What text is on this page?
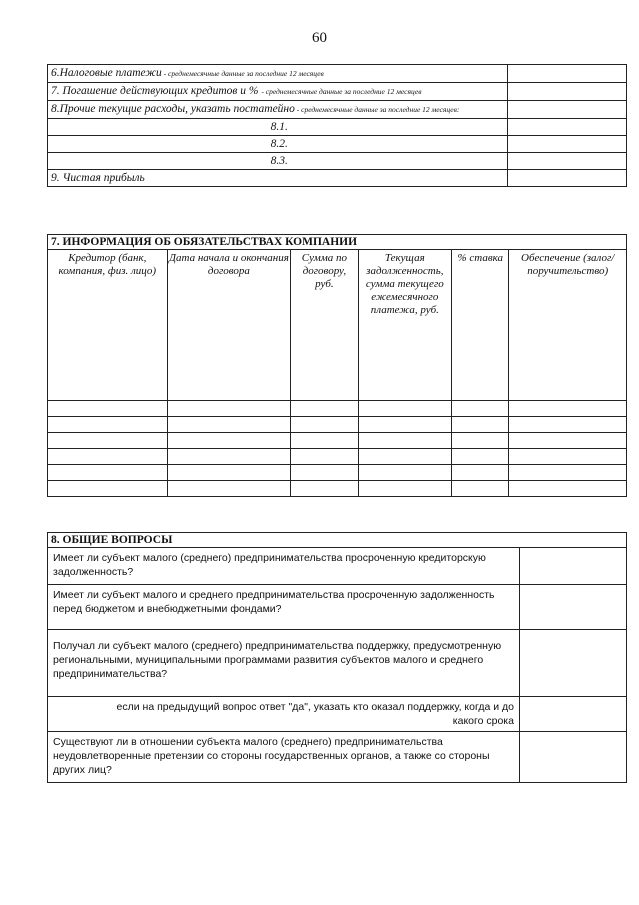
60
6.Налоговые платежи - среднемесячные данные за последние 12 месяцев	
7. Погашение действующих кредитов и % - среднемесячные данные за последние 12 месяцев	
8.Прочие текущие расходы, указать постатейно - среднемесячные данные за последние 12 месяцев:	
8.1.	
8.2.	
8.3.	
9. Чистая прибыль	
7. ИНФОРМАЦИЯ ОБ ОБЯЗАТЕЛЬСТВАХ КОМПАНИИ					
Кредитор (банк, компания, физ. лицо)	Дата начала и окончания договора	Сумма по договору, руб.	Текущая задолженность, сумма текущего ежемесячного платежа, руб.	% ставка	Обеспечение (залог/поручительство)

8. ОБЩИЕ ВОПРОСЫ	
Имеет ли субъект малого (среднего) предпринимательства просроченную кредиторскую задолженность?	
Имеет ли субъект малого и среднего предпринимательства просроченную задолженность перед бюджетом и внебюджетными фондами?	
Получал ли субъект малого (среднего) предпринимательства поддержку, предусмотренную региональными, муниципальными программами развития субъектов малого и среднего предпринимательства?	
если на предыдущий вопрос ответ "да", указать кто оказал поддержку, когда и до какого срока	
Существуют ли в отношении субъекта малого (среднего) предпринимательства неудовлетворенные претензии со стороны государственных органов, а также со стороны других лиц?	
